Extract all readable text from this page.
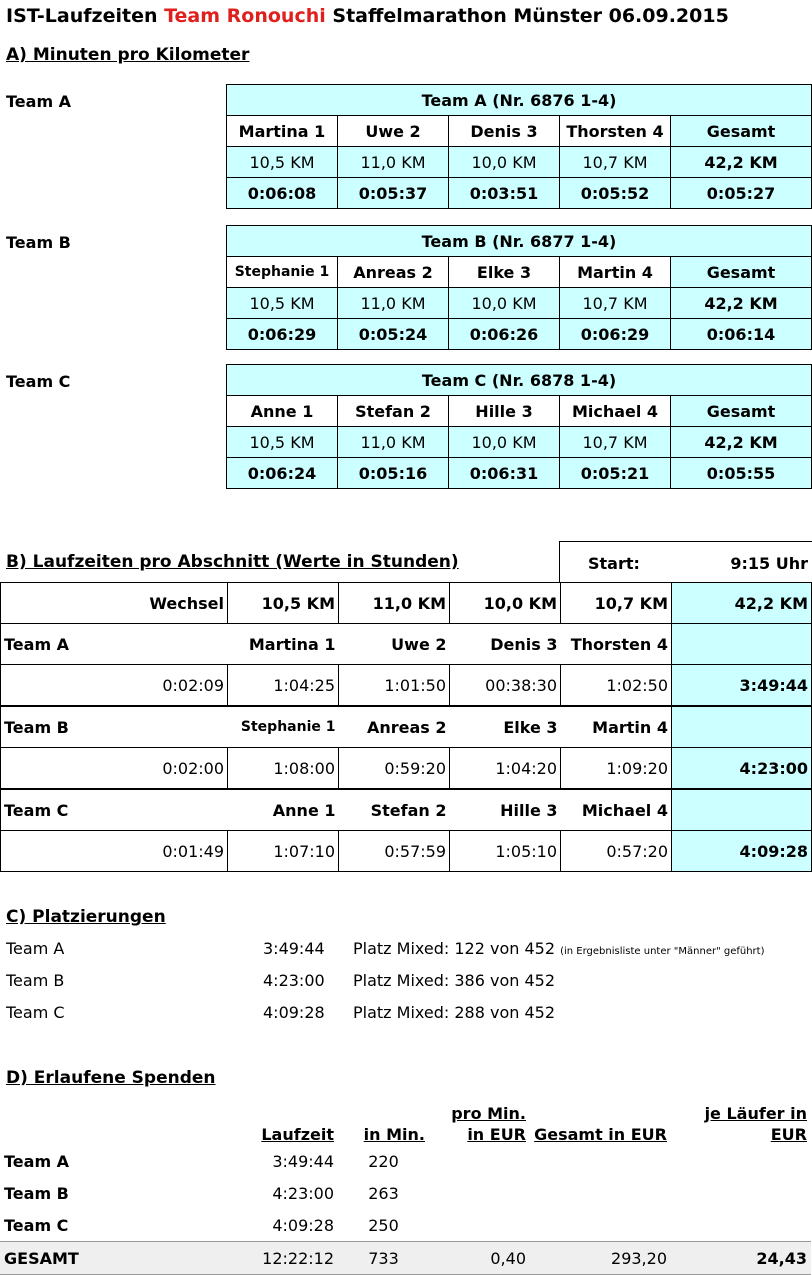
IST-Laufzeiten Team Ronouchi Staffelmarathon Münster 06.09.2015
A) Minuten pro Kilometer
Team A	Team A (Nr. 6876 1-4)				
Martina 1	Uwe 2	Denis 3	Thorsten 4	Gesamt
10,5 KM	11,0 KM	10,0 KM	10,7 KM	42,2 KM
0:06:08	0:05:37	0:03:51	0:05:52	0:05:27
Team B	Team B (Nr. 6877 1-4)				
Stephanie 1	Anreas 2	Elke 3	Martin 4	Gesamt
10,5 KM	11,0 KM	10,0 KM	10,7 KM	42,2 KM
0:06:29	0:05:24	0:06:26	0:06:29	0:06:14
Team C	Team C (Nr. 6878 1-4)				
Anne 1	Stefan 2	Hille 3	Michael 4	Gesamt
10,5 KM	11,0 KM	10,0 KM	10,7 KM	42,2 KM
0:06:24	0:05:16	0:06:31	0:05:21	0:05:55
B) Laufzeiten pro Abschnitt (Werte in Stunden)	Start:	9:15 Uhr
Wechsel	10,5 KM	11,0 KM	10,0 KM	10,7 KM	42,2 KM
Team A	Martina 1	Uwe 2	Denis 3	Thorsten 4	
0:02:09	1:04:25	1:01:50	00:38:30	1:02:50	3:49:44
Team B	Stephanie 1	Anreas 2	Elke 3	Martin 4	
0:02:00	1:08:00	0:59:20	1:04:20	1:09:20	4:23:00
Team C	Anne 1	Stefan 2	Hille 3	Michael 4	
0:01:49	1:07:10	0:57:59	1:05:10	0:57:20	4:09:28
C) Platzierungen
Team A	3:49:44 Platz Mixed: 122 von 452 (in Ergebnisliste unter "Männer" geführt)
Team B	4:23:00 Platz Mixed: 386 von 452
Team C	4:09:28 Platz Mixed: 288 von 452
D) Erlaufene Spenden
	Laufzeit	in Min.	pro Min. in EUR	Gesamt in EUR	je Läufer in EUR
Team A	3:49:44	220			
Team B	4:23:00	263			
Team C	4:09:28	250			
GESAMT	12:22:12	733	0,40	293,20	24,43
